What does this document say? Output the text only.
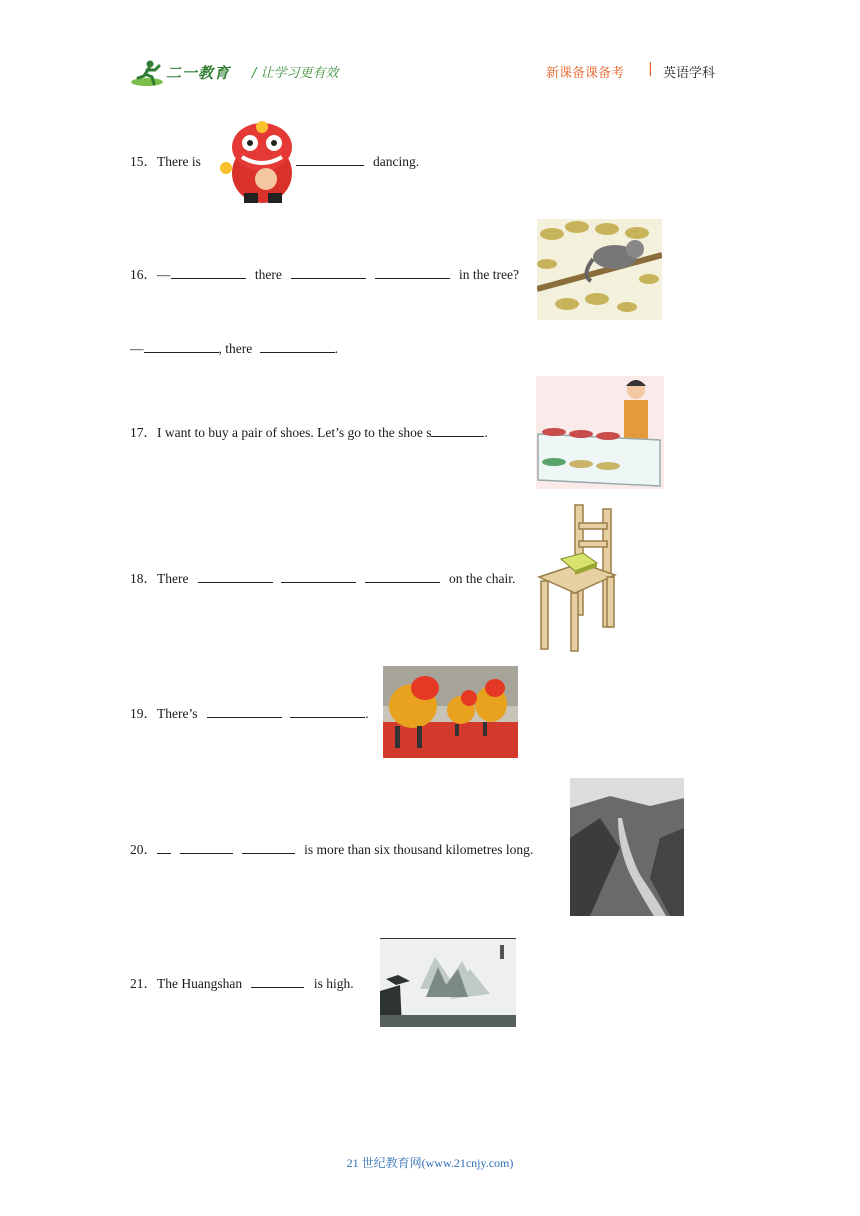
二一教育 / 让学习更有效	新课备课备考 | 英语学科
15．There is	dancing.
16．—	there	in the tree?
—	, there	.
17．I want to buy a pair of shoes. Let’s go to the shoe s	.
18．There	on the chair.
19．There’s	.
20．	is more than six thousand kilometres long.
21．The Huangshan	is high.
21 世纪教育网(www.21cnjy.com)
